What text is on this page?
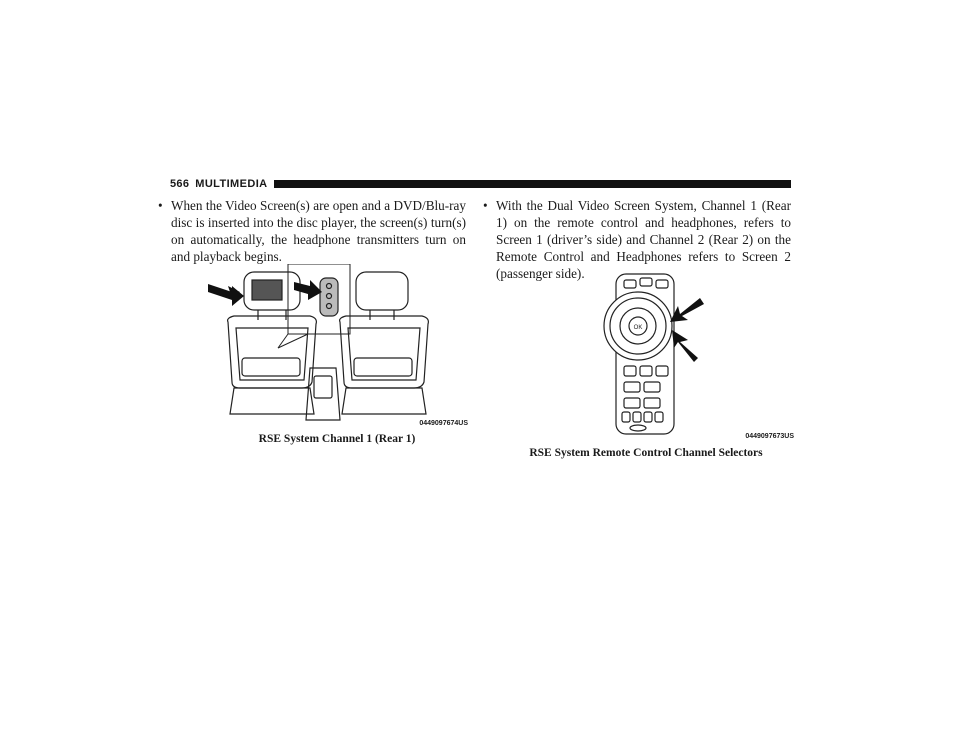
566 MULTIMEDIA
• When the Video Screen(s) are open and a DVD/Blu-ray disc is inserted into the disc player, the screen(s) turn(s) on automatically, the headphone transmitters turn on and playback begins.
• With the Dual Video Screen System, Channel 1 (Rear 1) on the remote control and headphones, refers to Screen 1 (driver’s side) and Channel 2 (Rear 2) on the Remote Control and Headphones refers to Screen 2 (passenger side).
0449097674US
RSE System Channel 1 (Rear 1)
OK
0449097673US
RSE System Remote Control Channel Selectors
